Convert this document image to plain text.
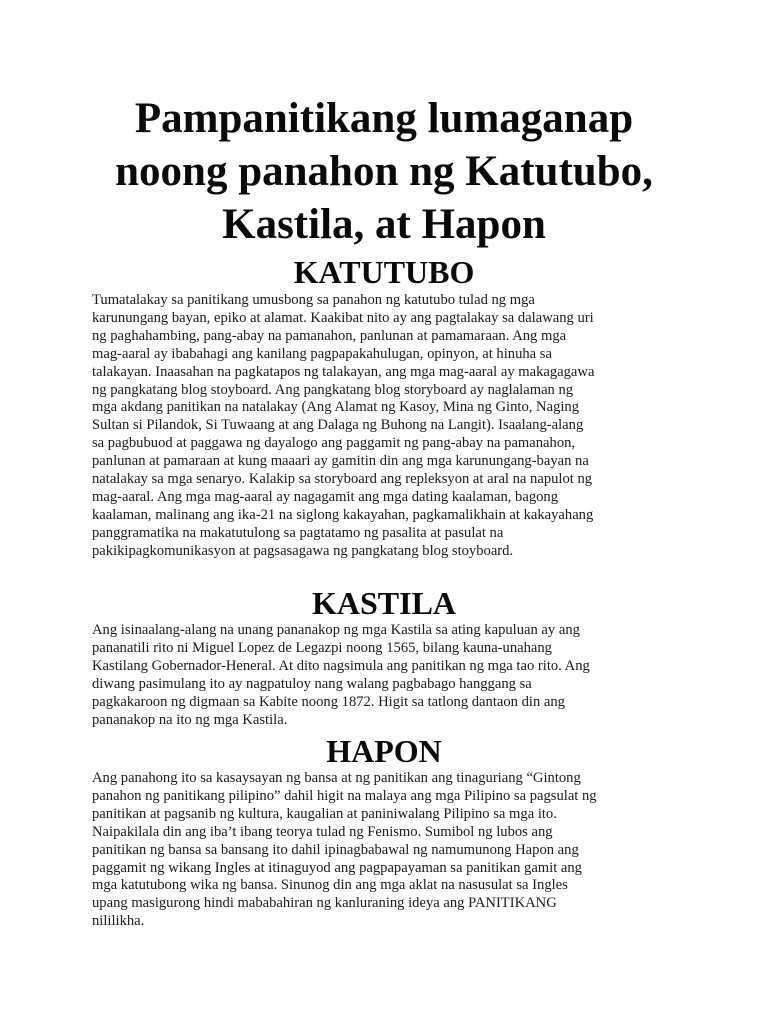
Pampanitikang lumaganap
noong panahon ng Katutubo,
Kastila, at Hapon
KATUTUBO
Tumatalakay sa panitikang umusbong sa panahon ng katutubo tulad ng mga
karunungang bayan, epiko at alamat. Kaakibat nito ay ang pagtalakay sa dalawang uri
ng paghahambing, pang-abay na pamanahon, panlunan at pamamaraan. Ang mga
mag-aaral ay ibabahagi ang kanilang pagpapakahulugan, opinyon, at hinuha sa
talakayan. Inaasahan na pagkatapos ng talakayan, ang mga mag-aaral ay makagagawa
ng pangkatang blog stoyboard. Ang pangkatang blog storyboard ay naglalaman ng
mga akdang panitikan na natalakay (Ang Alamat ng Kasoy, Mina ng Ginto, Naging
Sultan si Pilandok, Si Tuwaang at ang Dalaga ng Buhong na Langit). Isaalang-alang
sa pagbubuod at paggawa ng dayalogo ang paggamit ng pang-abay na pamanahon,
panlunan at pamaraan at kung maaari ay gamitin din ang mga karunungang-bayan na
natalakay sa mga senaryo. Kalakip sa storyboard ang repleksyon at aral na napulot ng
mag-aaral. Ang mga mag-aaral ay nagagamit ang mga dating kaalaman, bagong
kaalaman, malinang ang ika-21 na siglong kakayahan, pagkamalikhain at kakayahang
panggramatika na makatutulong sa pagtatamo ng pasalita at pasulat na
pakikipagkomunikasyon at pagsasagawa ng pangkatang blog stoyboard.
KASTILA
Ang isinaalang-alang na unang pananakop ng mga Kastila sa ating kapuluan ay ang
pananatili rito ni Miguel Lopez de Legazpi noong 1565, bilang kauna-unahang
Kastilang Gobernador-Heneral. At dito nagsimula ang panitikan ng mga tao rito. Ang
diwang pasimulang ito ay nagpatuloy nang walang pagbabago hanggang sa
pagkakaroon ng digmaan sa Kabite noong 1872. Higit sa tatlong dantaon din ang
pananakop na ito ng mga Kastila.
HAPON
Ang panahong ito sa kasaysayan ng bansa at ng panitikan ang tinaguriang “Gintong
panahon ng panitikang pilipino” dahil higit na malaya ang mga Pilipino sa pagsulat ng
panitikan at pagsanib ng kultura, kaugalian at paniniwalang Pilipino sa mga ito.
Naipakilala din ang iba’t ibang teorya tulad ng Fenismo. Sumibol ng lubos ang
panitikan ng bansa sa bansang ito dahil ipinagbabawal ng namumunong Hapon ang
paggamit ng wikang Ingles at itinaguyod ang pagpapayaman sa panitikan gamit ang
mga katutubong wika ng bansa. Sinunog din ang mga aklat na nasusulat sa Ingles
upang masigurong hindi mababahiran ng kanluraning ideya ang PANITIKANG
nililikha.
